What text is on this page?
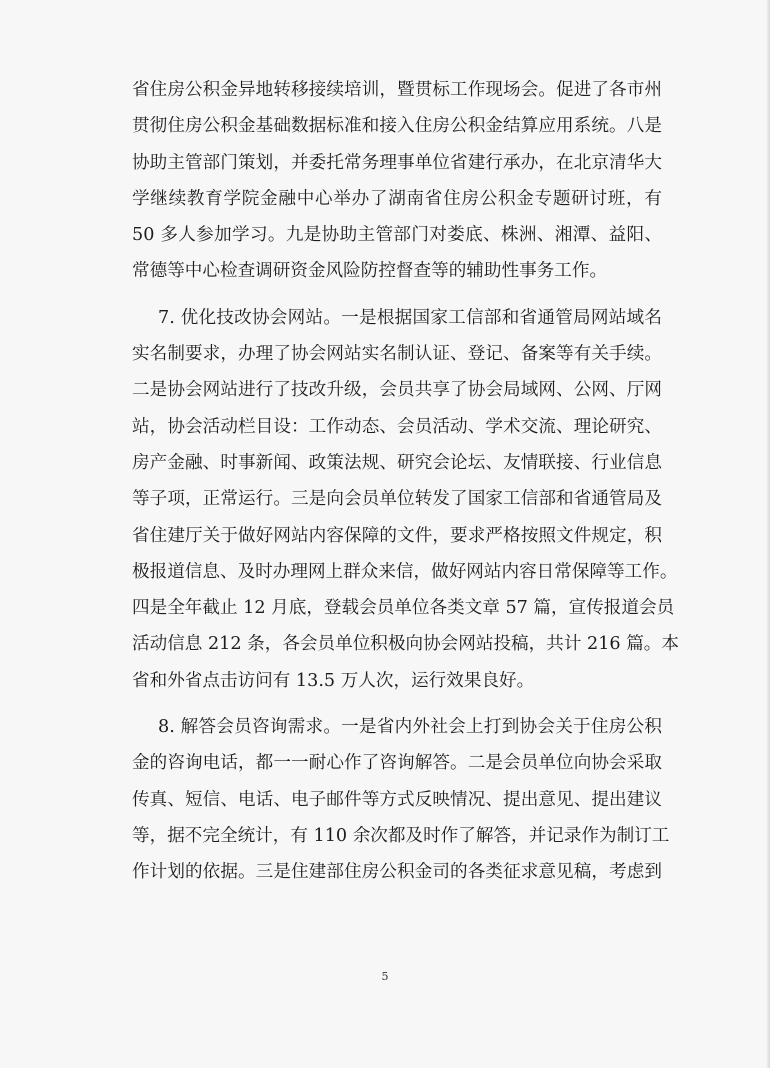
省住房公积金异地转移接续培训，暨贯标工作现场会。促进了各市州
贯彻住房公积金基础数据标准和接入住房公积金结算应用系统。八是
协助主管部门策划，并委托常务理事单位省建行承办，在北京清华大
学继续教育学院金融中心举办了湖南省住房公积金专题研讨班，有
50 多人参加学习。九是协助主管部门对娄底、株洲、湘潭、益阳、
常德等中心检查调研资金风险防控督查等的辅助性事务工作。
7. 优化技改协会网站。一是根据国家工信部和省通管局网站域名
实名制要求，办理了协会网站实名制认证、登记、备案等有关手续。
二是协会网站进行了技改升级，会员共享了协会局域网、公网、厅网
站，协会活动栏目设：工作动态、会员活动、学术交流、理论研究、
房产金融、时事新闻、政策法规、研究会论坛、友情联接、行业信息
等子项，正常运行。三是向会员单位转发了国家工信部和省通管局及
省住建厅关于做好网站内容保障的文件，要求严格按照文件规定，积
极报道信息、及时办理网上群众来信，做好网站内容日常保障等工作。
四是全年截止 12 月底，登载会员单位各类文章 57 篇，宣传报道会员
活动信息 212 条，各会员单位积极向协会网站投稿，共计 216 篇。本
省和外省点击访问有 13.5 万人次，运行效果良好。
8. 解答会员咨询需求。一是省内外社会上打到协会关于住房公积
金的咨询电话，都一一耐心作了咨询解答。二是会员单位向协会采取
传真、短信、电话、电子邮件等方式反映情况、提出意见、提出建议
等，据不完全统计，有 110 余次都及时作了解答，并记录作为制订工
作计划的依据。三是住建部住房公积金司的各类征求意见稿，考虑到
5
